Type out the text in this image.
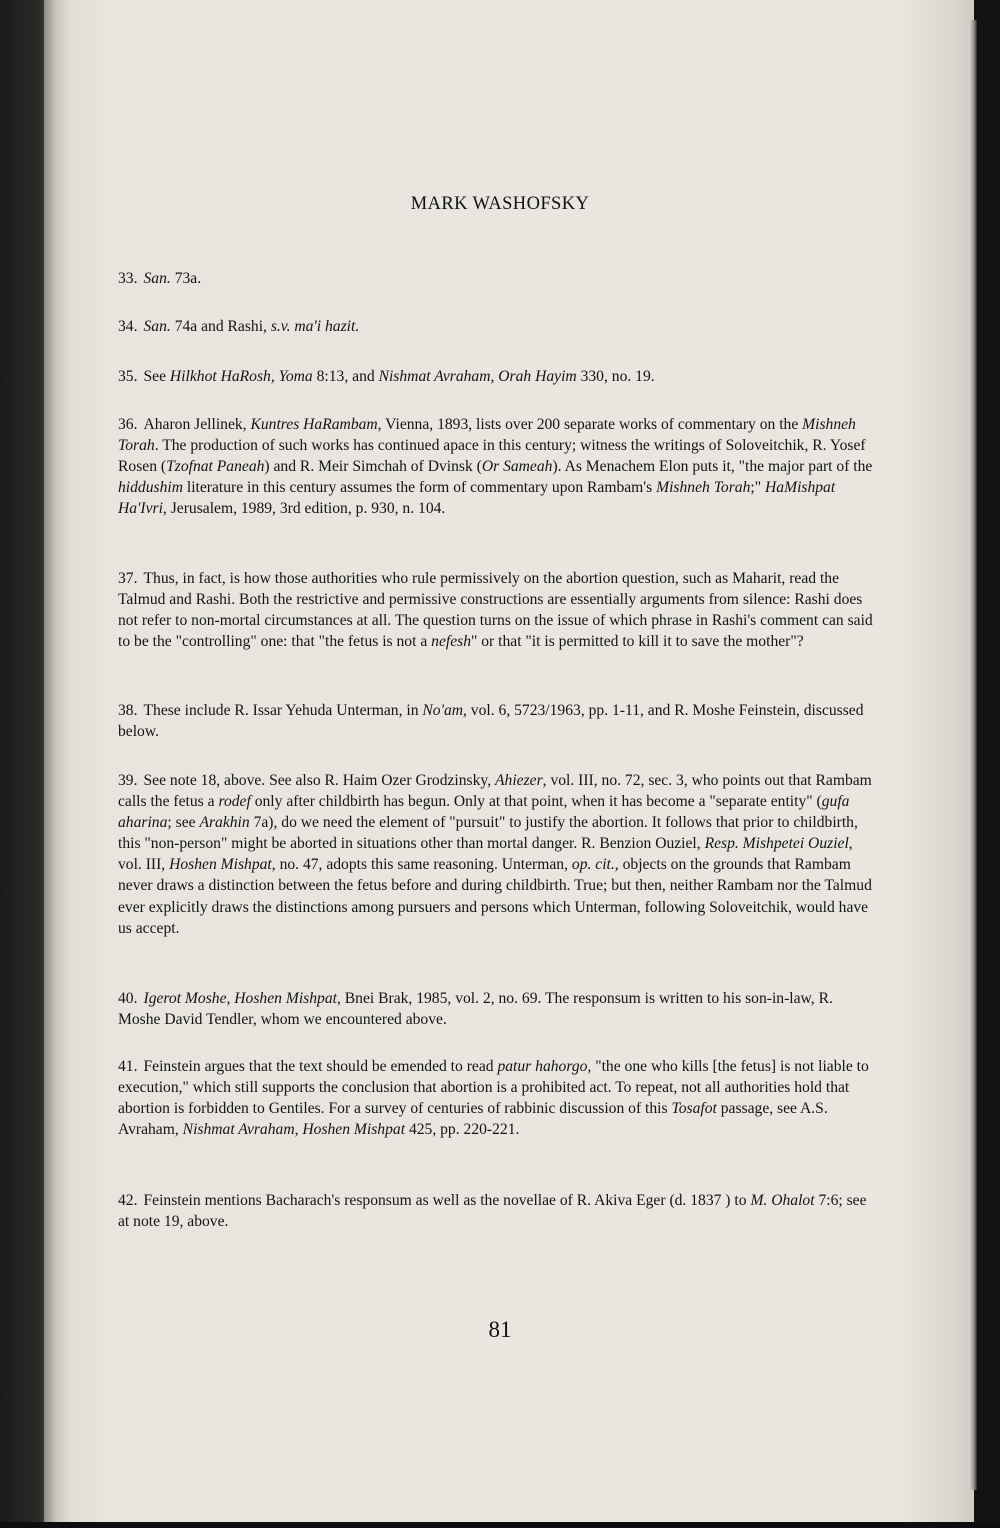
MARK WASHOFSKY

33. San. 73a.

34. San. 74a and Rashi, s.v. ma'i hazit.

35. See Hilkhot HaRosh, Yoma 8:13, and Nishmat Avraham, Orah Hayim 330, no. 19.

36. Aharon Jellinek, Kuntres HaRambam, Vienna, 1893, lists over 200 separate works of commentary on the Mishneh Torah. The production of such works has continued apace in this century; witness the writings of Soloveitchik, R. Yosef Rosen (Tzofnat Paneah) and R. Meir Simchah of Dvinsk (Or Sameah). As Menachem Elon puts it, "the major part of the hiddushim literature in this century assumes the form of commentary upon Rambam's Mishneh Torah;" HaMishpat Ha'Ivri, Jerusalem, 1989, 3rd edition, p. 930, n. 104.

37. Thus, in fact, is how those authorities who rule permissively on the abortion question, such as Maharit, read the Talmud and Rashi. Both the restrictive and permissive constructions are essentially arguments from silence: Rashi does not refer to non-mortal circumstances at all. The question turns on the issue of which phrase in Rashi's comment can said to be the "controlling" one: that "the fetus is not a nefesh" or that "it is permitted to kill it to save the mother"?

38. These include R. Issar Yehuda Unterman, in No'am, vol. 6, 5723/1963, pp. 1-11, and R. Moshe Feinstein, discussed below.

39. See note 18, above. See also R. Haim Ozer Grodzinsky, Ahiezer, vol. III, no. 72, sec. 3, who points out that Rambam calls the fetus a rodef only after childbirth has begun. Only at that point, when it has become a "separate entity" (gufa aharina; see Arakhin 7a), do we need the element of "pursuit" to justify the abortion. It follows that prior to childbirth, this "non-person" might be aborted in situations other than mortal danger. R. Benzion Ouziel, Resp. Mishpetei Ouziel, vol. III, Hoshen Mishpat, no. 47, adopts this same reasoning. Unterman, op. cit., objects on the grounds that Rambam never draws a distinction between the fetus before and during childbirth. True; but then, neither Rambam nor the Talmud ever explicitly draws the distinctions among pursuers and persons which Unterman, following Soloveitchik, would have us accept.

40. Igerot Moshe, Hoshen Mishpat, Bnei Brak, 1985, vol. 2, no. 69. The responsum is written to his son-in-law, R. Moshe David Tendler, whom we encountered above.

41. Feinstein argues that the text should be emended to read patur hahorgo, "the one who kills [the fetus] is not liable to execution," which still supports the conclusion that abortion is a prohibited act. To repeat, not all authorities hold that abortion is forbidden to Gentiles. For a survey of centuries of rabbinic discussion of this Tosafot passage, see A.S. Avraham, Nishmat Avraham, Hoshen Mishpat 425, pp. 220-221.

42. Feinstein mentions Bacharach's responsum as well as the novellae of R. Akiva Eger (d. 1837 ) to M. Ohalot 7:6; see at note 19, above.

81
